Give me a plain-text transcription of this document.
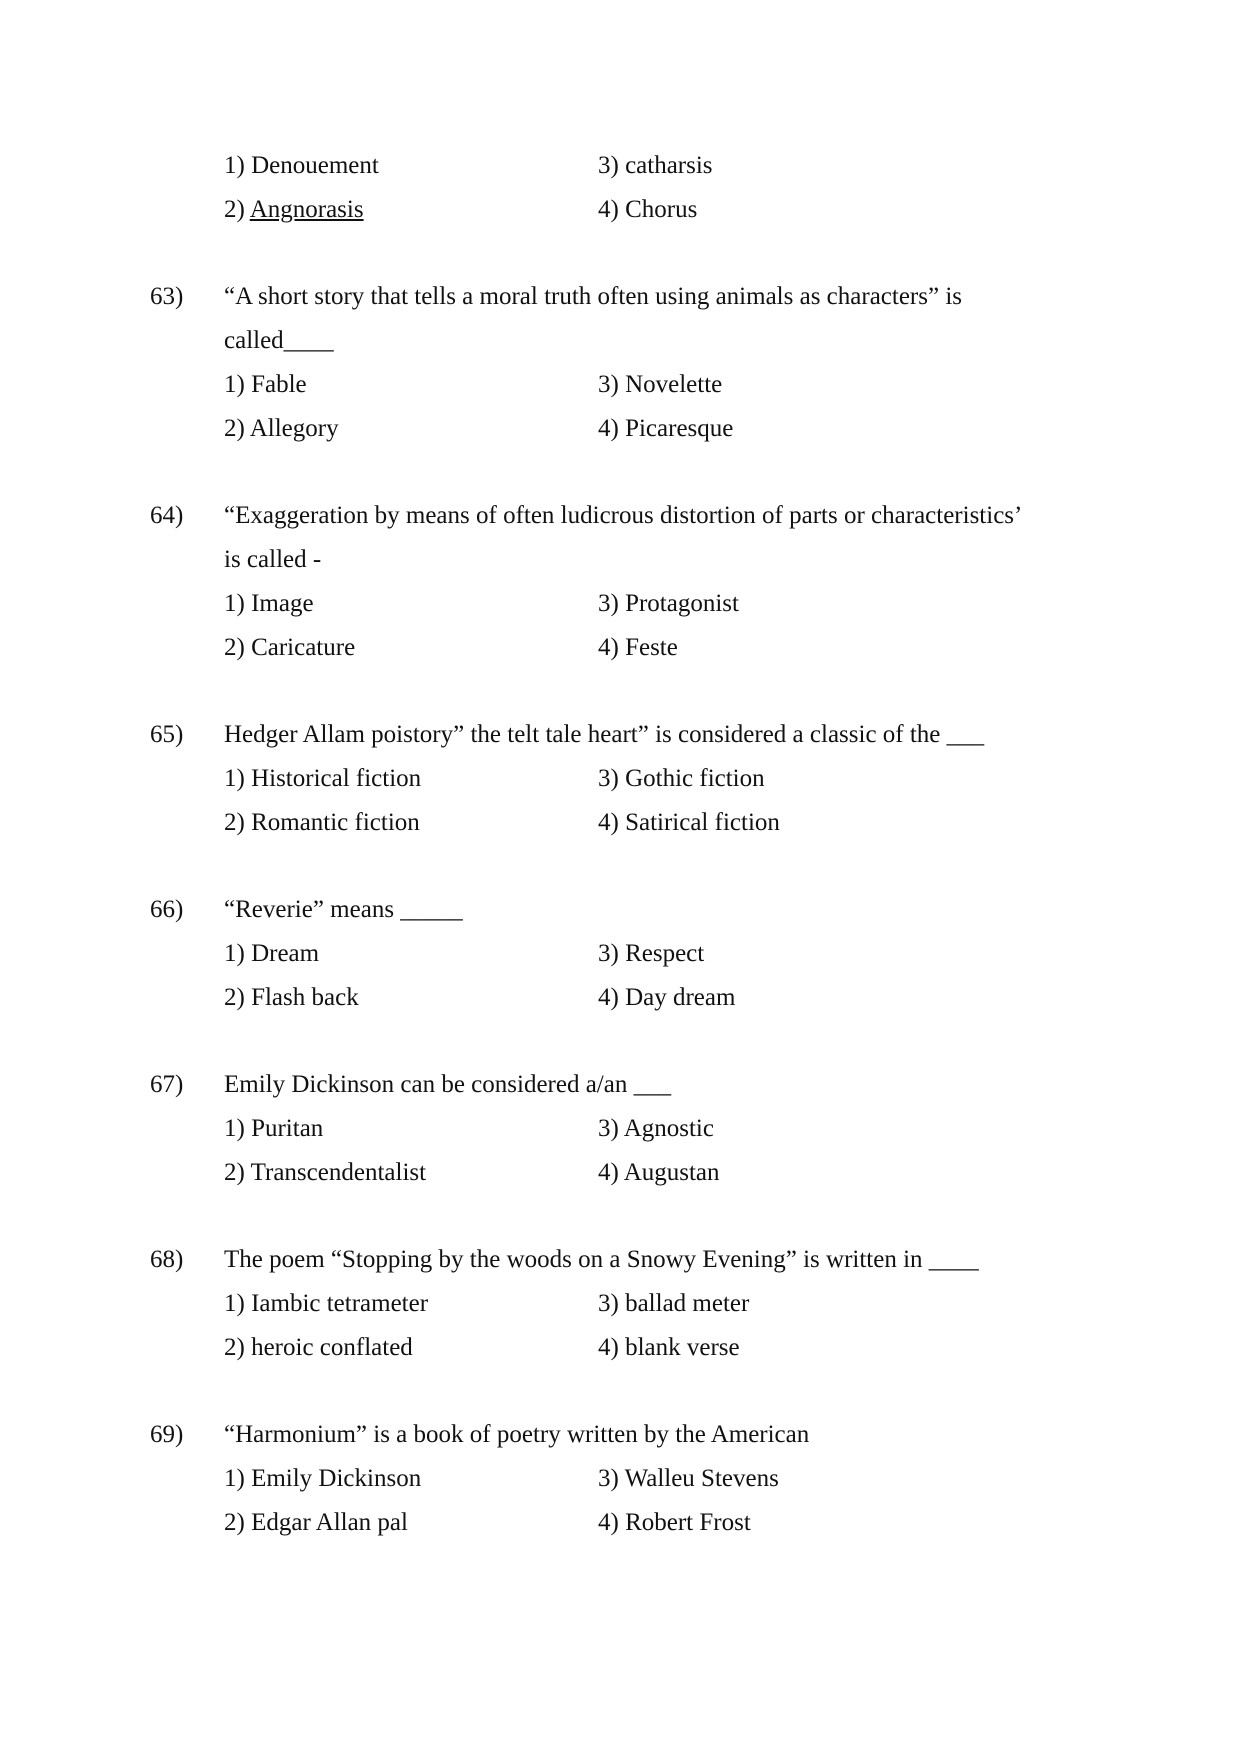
1) Denouement	3) catharsis
2) Angnorasis	4) Chorus
63)	“A short story that tells a moral truth often using animals as characters” is
called____
1) Fable	3) Novelette
2) Allegory	4) Picaresque
64)	“Exaggeration by means of often ludicrous distortion of parts or characteristics’
is called -
1) Image	3) Protagonist
2) Caricature	4) Feste
65)	Hedger Allam poistory” the telt tale heart” is considered a classic of the ___
1) Historical fiction	3) Gothic fiction
2) Romantic fiction	4) Satirical fiction
66)	“Reverie” means _____
1) Dream	3) Respect
2) Flash back	4) Day dream
67)	Emily Dickinson can be considered a/an ___
1) Puritan	3) Agnostic
2) Transcendentalist	4) Augustan
68)	The poem “Stopping by the woods on a Snowy Evening” is written in ____
1) Iambic tetrameter	3) ballad meter
2) heroic conflated	4) blank verse
69)	“Harmonium” is a book of poetry written by the American
1) Emily Dickinson	3) Walleu Stevens
2) Edgar Allan pal	4) Robert Frost
